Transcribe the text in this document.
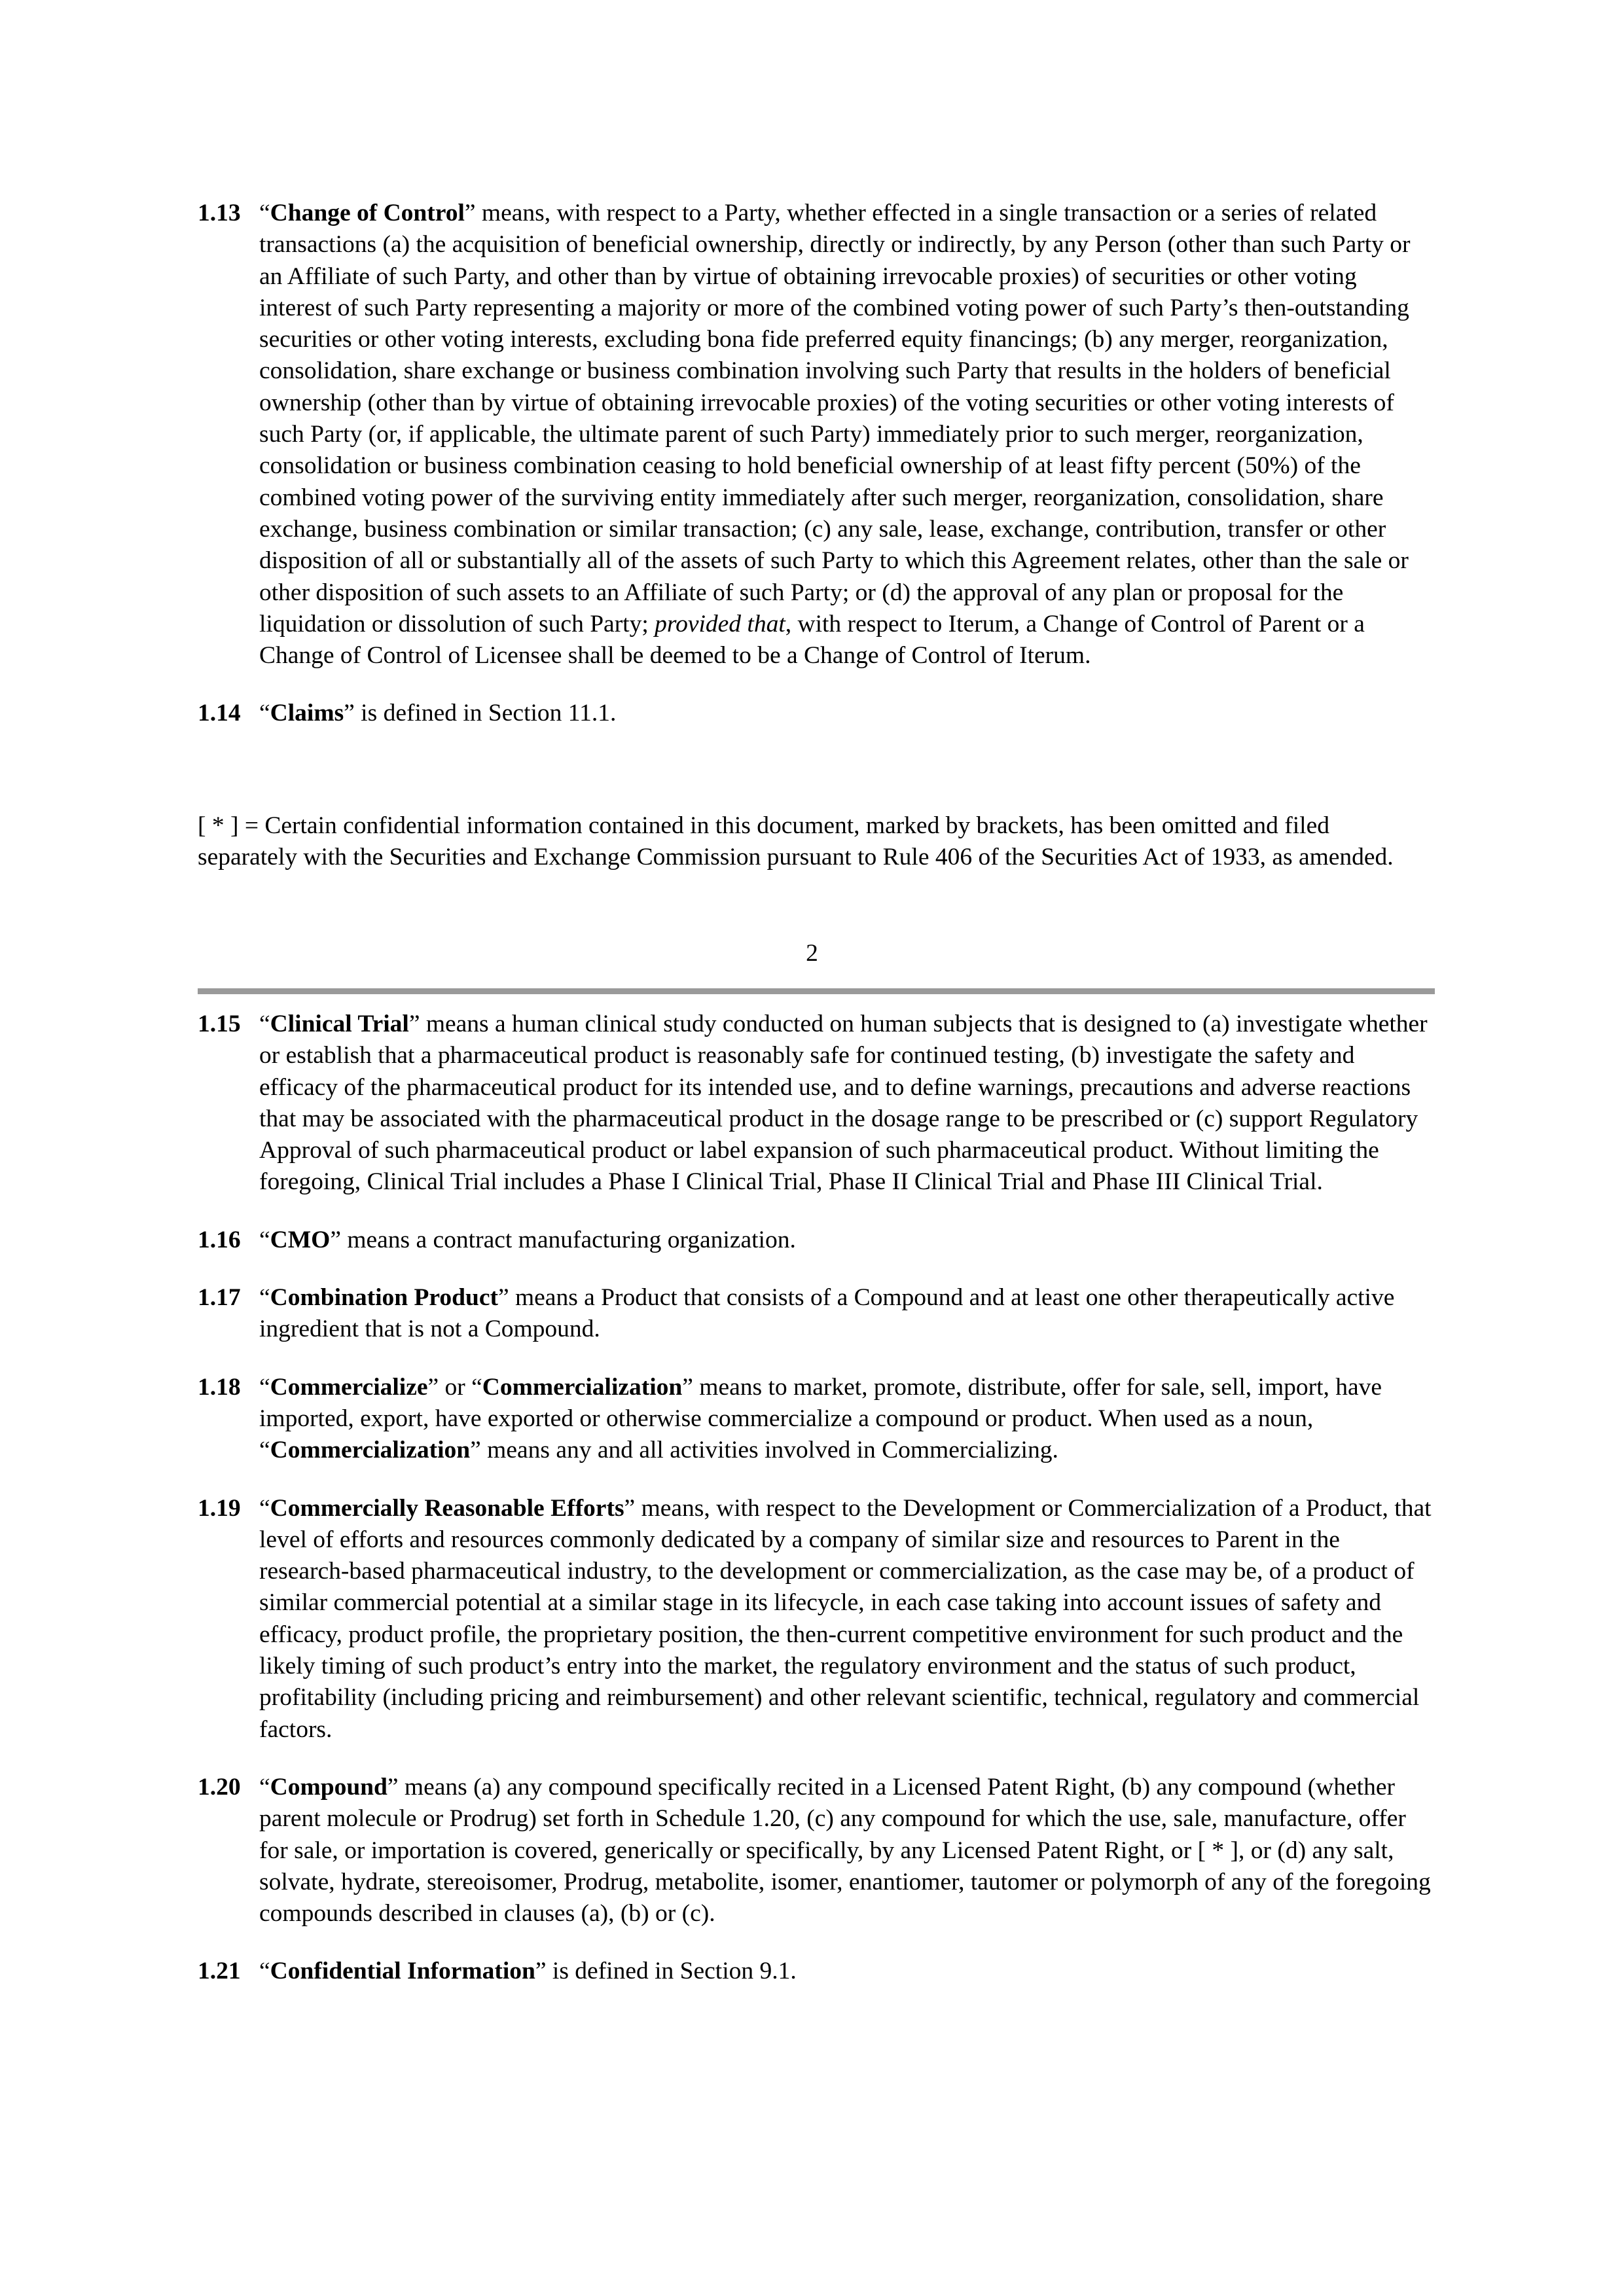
1.13 “Change of Control” means, with respect to a Party, whether effected in a single transaction or a series of related transactions (a) the acquisition of beneficial ownership, directly or indirectly, by any Person (other than such Party or an Affiliate of such Party, and other than by virtue of obtaining irrevocable proxies) of securities or other voting interest of such Party representing a majority or more of the combined voting power of such Party’s then-outstanding securities or other voting interests, excluding bona fide preferred equity financings; (b) any merger, reorganization, consolidation, share exchange or business combination involving such Party that results in the holders of beneficial ownership (other than by virtue of obtaining irrevocable proxies) of the voting securities or other voting interests of such Party (or, if applicable, the ultimate parent of such Party) immediately prior to such merger, reorganization, consolidation or business combination ceasing to hold beneficial ownership of at least fifty percent (50%) of the combined voting power of the surviving entity immediately after such merger, reorganization, consolidation, share exchange, business combination or similar transaction; (c) any sale, lease, exchange, contribution, transfer or other disposition of all or substantially all of the assets of such Party to which this Agreement relates, other than the sale or other disposition of such assets to an Affiliate of such Party; or (d) the approval of any plan or proposal for the liquidation or dissolution of such Party; provided that, with respect to Iterum, a Change of Control of Parent or a Change of Control of Licensee shall be deemed to be a Change of Control of Iterum.
1.14 “Claims” is defined in Section 11.1.

[ * ] = Certain confidential information contained in this document, marked by brackets, has been omitted and filed separately with the Securities and Exchange Commission pursuant to Rule 406 of the Securities Act of 1933, as amended.

2
1.15 “Clinical Trial” means a human clinical study conducted on human subjects that is designed to (a) investigate whether or establish that a pharmaceutical product is reasonably safe for continued testing, (b) investigate the safety and efficacy of the pharmaceutical product for its intended use, and to define warnings, precautions and adverse reactions that may be associated with the pharmaceutical product in the dosage range to be prescribed or (c) support Regulatory Approval of such pharmaceutical product or label expansion of such pharmaceutical product. Without limiting the foregoing, Clinical Trial includes a Phase I Clinical Trial, Phase II Clinical Trial and Phase III Clinical Trial.
1.16 “CMO” means a contract manufacturing organization.
1.17 “Combination Product” means a Product that consists of a Compound and at least one other therapeutically active ingredient that is not a Compound.
1.18 “Commercialize” or “Commercialization” means to market, promote, distribute, offer for sale, sell, import, have imported, export, have exported or otherwise commercialize a compound or product. When used as a noun, “Commercialization” means any and all activities involved in Commercializing.
1.19 “Commercially Reasonable Efforts” means, with respect to the Development or Commercialization of a Product, that level of efforts and resources commonly dedicated by a company of similar size and resources to Parent in the research-based pharmaceutical industry, to the development or commercialization, as the case may be, of a product of similar commercial potential at a similar stage in its lifecycle, in each case taking into account issues of safety and efficacy, product profile, the proprietary position, the then-current competitive environment for such product and the likely timing of such product’s entry into the market, the regulatory environment and the status of such product, profitability (including pricing and reimbursement) and other relevant scientific, technical, regulatory and commercial factors.
1.20 “Compound” means (a) any compound specifically recited in a Licensed Patent Right, (b) any compound (whether parent molecule or Prodrug) set forth in Schedule 1.20, (c) any compound for which the use, sale, manufacture, offer for sale, or importation is covered, generically or specifically, by any Licensed Patent Right, or [ * ], or (d) any salt, solvate, hydrate, stereoisomer, Prodrug, metabolite, isomer, enantiomer, tautomer or polymorph of any of the foregoing compounds described in clauses (a), (b) or (c).
1.21 “Confidential Information” is defined in Section 9.1.
